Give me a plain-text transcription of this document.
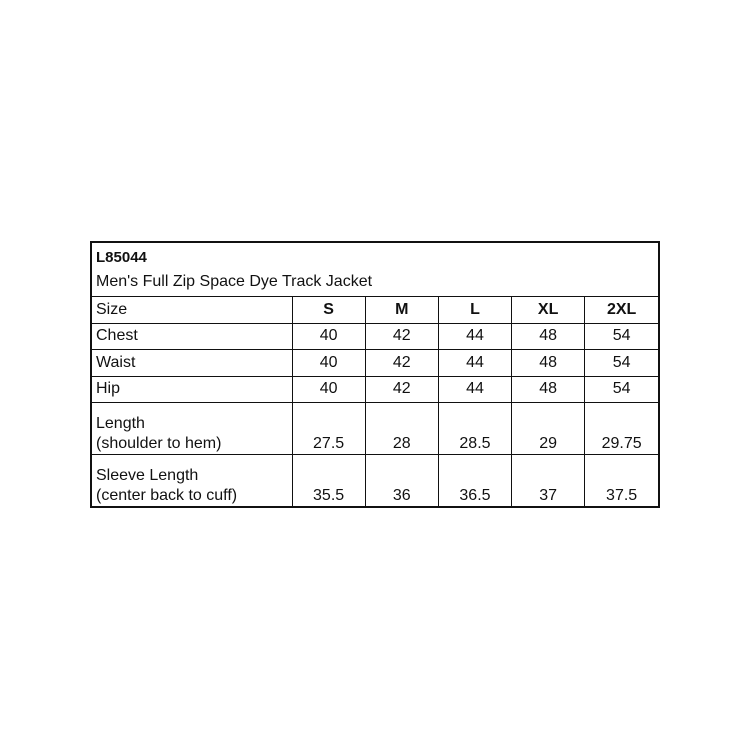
L85044					
Men's Full Zip Space Dye Track Jacket					
Size	S	M	L	XL	2XL

Chest	40	42	44	48	54

Waist	40	42	44	48	54

Hip	40	42	44	48	54

Length
(shoulder to hem)	27.5	28	28.5	29	29.75

Sleeve Length
(center back to cuff)	35.5	36	36.5	37	37.5
